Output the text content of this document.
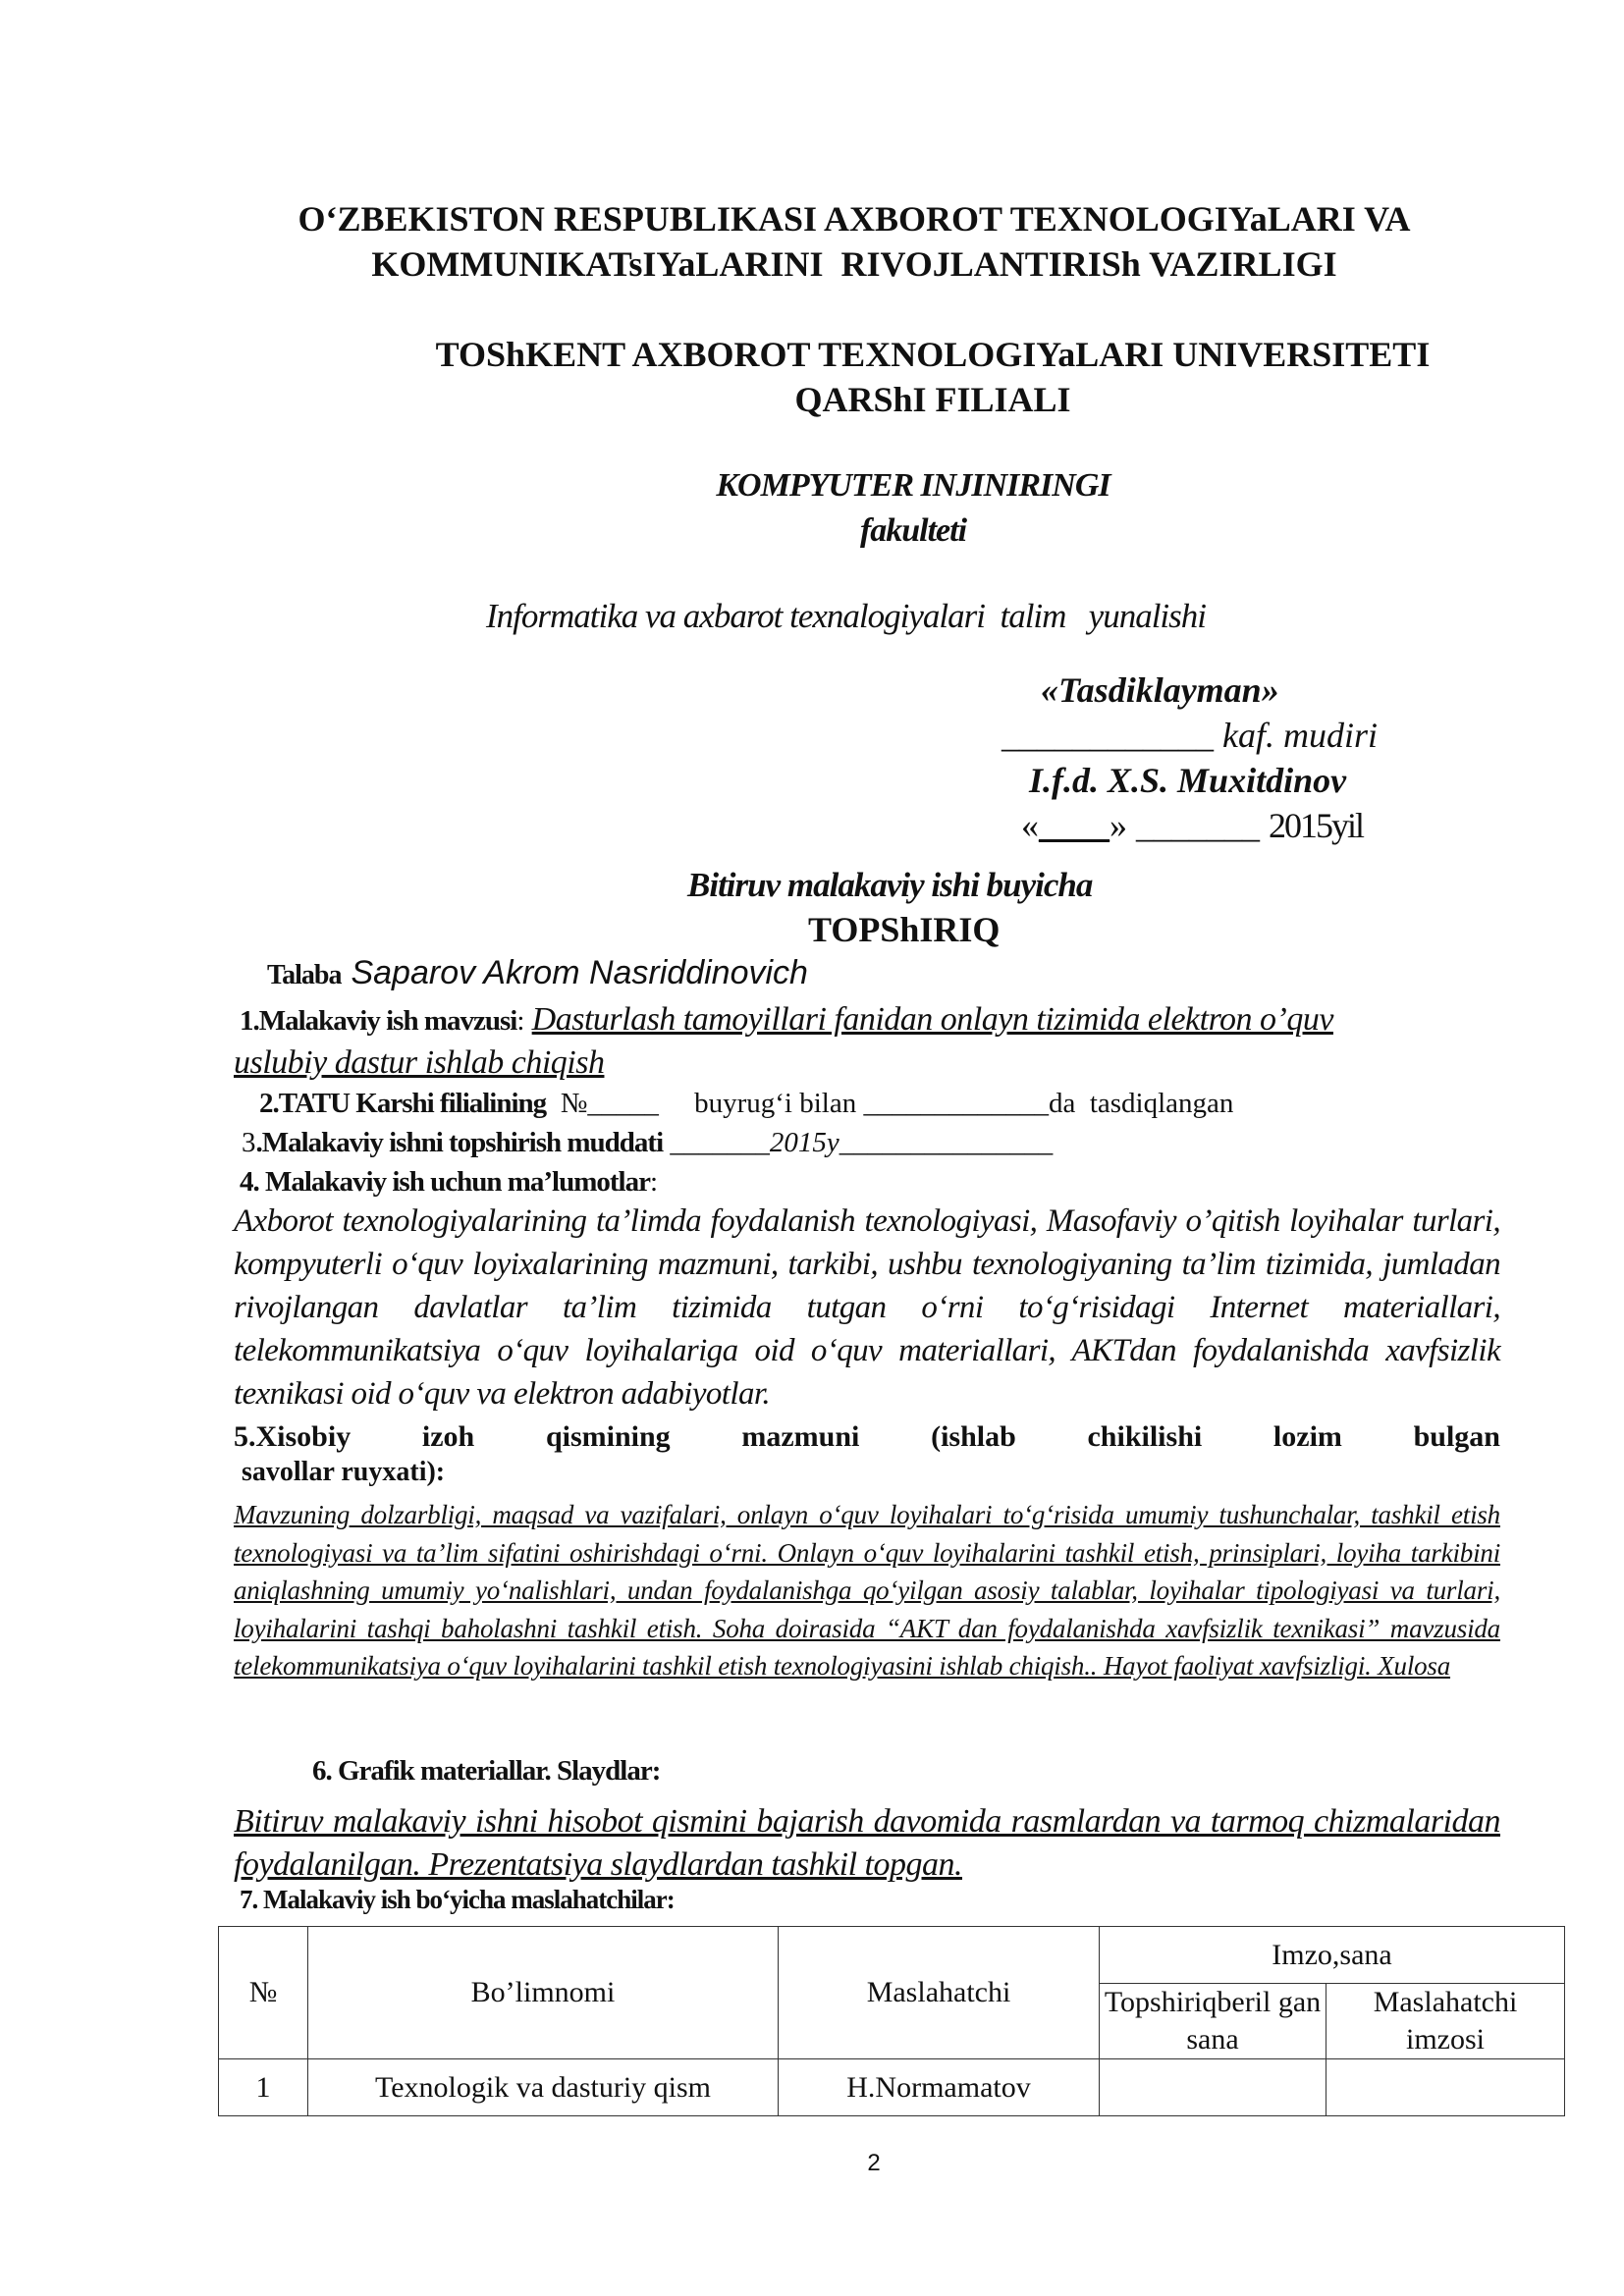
O‘ZBEKISTON RESPUBLIKASI AXBOROT TEXNOLOGIYaLARI VA
KOMMUNIKATsIYaLARINI  RIVOJLANTIRISh VAZIRLIGI
TOShKENT AXBOROT TEXNOLOGIYaLARI UNIVERSITETI
QARShI FILIALI
KOMPYUTER INJINIRINGI
fakulteti
Informatika va axbarot texnalogiyalari  talim   yunalishi
«Tasdiklayman»
____________ kaf. mudiri
I.f.d. X.S. Muxitdinov
«____» _______ 2015yil
Bitiruv malakaviy ishi buyicha
TOPShIRIQ
Talaba Saparov Akrom Nasriddinovich
1.Malakaviy ish mavzusi: Dasturlash tamoyillari fanidan onlayn tizimida elektron o’quv
uslubiy dastur ishlab chiqish
2.TATU Karshi filialining  №_____     buyrug‘i bilan _____________da  tasdiqlangan
3.Malakaviy ishni topshirish muddati _______2015y_______________
4. Malakaviy ish uchun ma’lumotlar:
Axborot texnologiyalarining ta’limda foydalanish texnologiyasi, Masofaviy o’qitish loyihalar turlari, kompyuterli o‘quv loyixalarining mazmuni, tarkibi, ushbu texnologiyaning ta’lim tizimida, jumladan rivojlangan davlatlar ta’lim tizimida tutgan o‘rni to‘g‘risidagi Internet materiallari, telekommunikatsiya o‘quv loyihalariga oid o‘quv materiallari, AKTdan foydalanishda xavfsizlik texnikasi oid o‘quv va elektron adabiyotlar.
5.Xisobiy izoh qismining mazmuni (ishlab chikilishi lozim bulgan
savollar ruyxati):
Mavzuning dolzarbligi, maqsad va vazifalari, onlayn o‘quv loyihalari to‘g‘risida umumiy tushunchalar, tashkil etish texnologiyasi va ta’lim sifatini oshirishdagi o‘rni. Onlayn o‘quv loyihalarini tashkil etish, prinsiplari, loyiha tarkibini aniqlashning umumiy yo‘nalishlari, undan foydalanishga qo‘yilgan asosiy talablar, loyihalar tipologiyasi va turlari, loyihalarini tashqi baholashni tashkil etish. Soha doirasida “AKT dan foydalanishda xavfsizlik texnikasi” mavzusida telekommunikatsiya o‘quv loyihalarini tashkil etish texnologiyasini ishlab chiqish.. Hayot faoliyat xavfsizligi. Xulosa
6. Grafik materiallar. Slaydlar:
Bitiruv malakaviy ishni hisobot qismini bajarish davomida rasmlardan va tarmoq chizmalaridan foydalanilgan. Prezentatsiya slaydlardan tashkil topgan.
7. Malakaviy ish bo‘yicha maslahatchilar:
№	Bo’limnomi	Maslahatchi	Imzo,sana	
			Topshiriqberil gan sana	Maslahatchi imzosi
1	Texnologik va dasturiy qism	H.Normamatov		
2
